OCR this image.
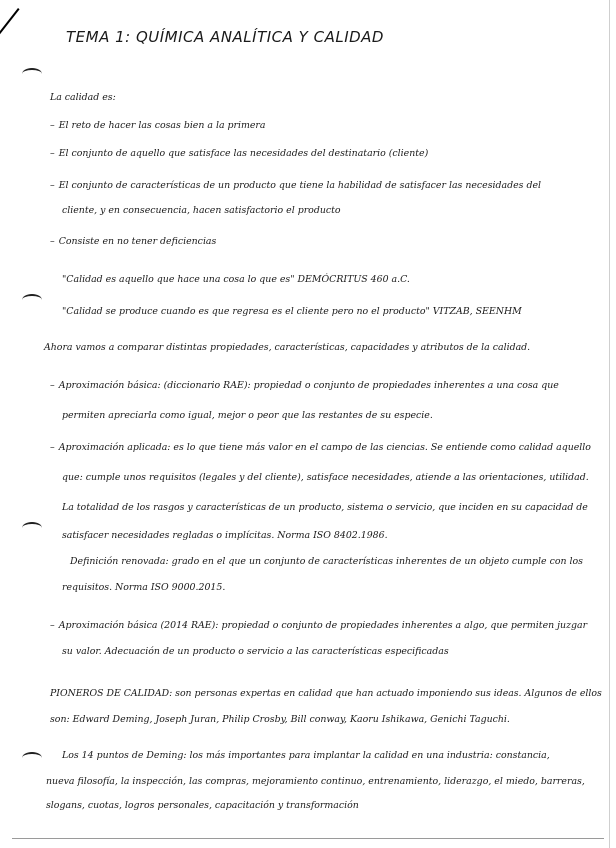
TEMA 1: QUÍMICA ANALÍTICA Y CALIDAD
La calidad es:
– El reto de hacer las cosas bien a la primera
– El conjunto de aquello que satisface las necesidades del destinatario (cliente)
– El conjunto de características de un producto que tiene la habilidad de satisfacer las necesidades del
cliente, y en consecuencia, hacen satisfactorio el producto
– Consiste en no tener deficiencias
"Calidad es aquello que hace una cosa lo que es" DEMÓCRITUS 460 a.C.
"Calidad se produce cuando es que regresa es el cliente pero no el producto" VITZAB, SEENHM
Ahora vamos a comparar distintas propiedades, características, capacidades y atributos de la calidad.
– Aproximación básica: (diccionario RAE): propiedad o conjunto de propiedades inherentes a una cosa que
permiten apreciarla como igual, mejor o peor que las restantes de su especie.
– Aproximación aplicada: es lo que tiene más valor en el campo de las ciencias. Se entiende como calidad aquello
que: cumple unos requisitos (legales y del cliente), satisface necesidades, atiende a las orientaciones, utilidad.
La totalidad de los rasgos y características de un producto, sistema o servicio, que inciden en su capacidad de
satisfacer necesidades regladas o implícitas. Norma ISO 8402.1986.
Definición renovada: grado en el que un conjunto de características inherentes de un objeto cumple con los
requisitos. Norma ISO 9000.2015.
– Aproximación básica (2014 RAE): propiedad o conjunto de propiedades inherentes a algo, que permiten juzgar
su valor. Adecuación de un producto o servicio a las características especificadas
PIONEROS DE CALIDAD: son personas expertas en calidad que han actuado imponiendo sus ideas. Algunos de ellos
son: Edward Deming, Joseph Juran, Philip Crosby, Bill conway, Kaoru Ishikawa, Genichi Taguchi.
Los 14 puntos de Deming: los más importantes para implantar la calidad en una industria: constancia,
nueva filosofía, la inspección, las compras, mejoramiento continuo, entrenamiento, liderazgo, el miedo, barreras,
slogans, cuotas, logros personales, capacitación y transformación
